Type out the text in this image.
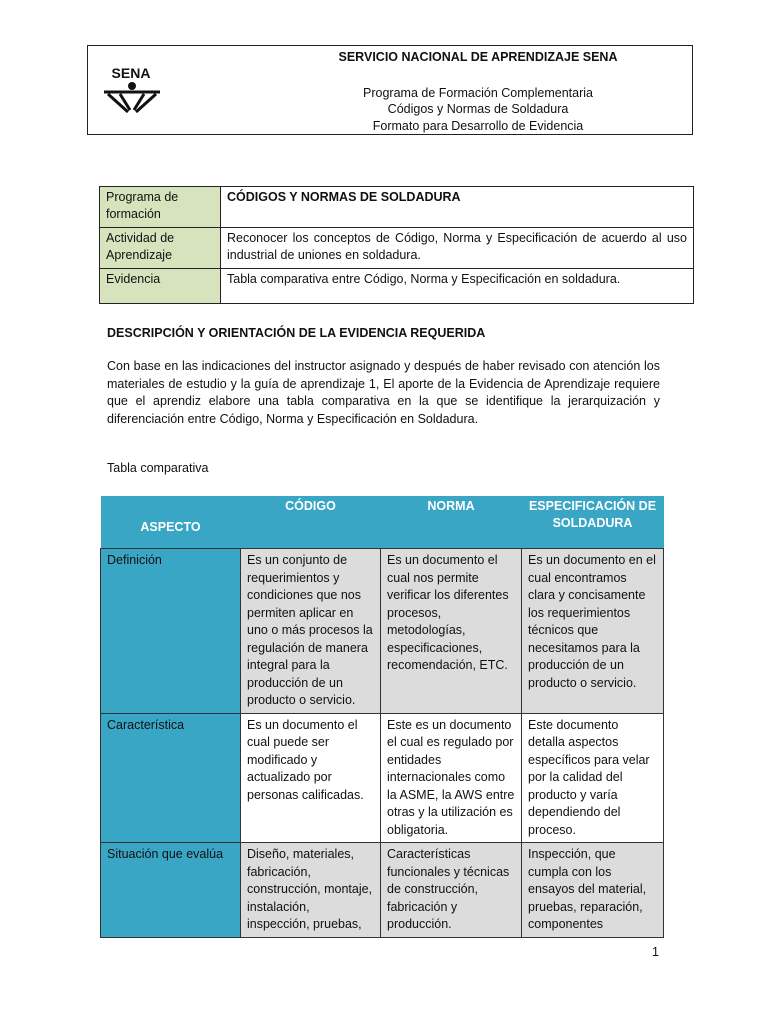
SERVICIO NACIONAL DE APRENDIZAJE SENA
Programa de Formación Complementaria
Códigos y Normas de Soldadura
Formato para Desarrollo de Evidencia
SENA
Programa de formación	CÓDIGOS Y NORMAS DE SOLDADURA
Actividad de Aprendizaje	Reconocer los conceptos de Código, Norma y Especificación de acuerdo al uso industrial de uniones en soldadura.
Evidencia	Tabla comparativa entre Código, Norma y Especificación en soldadura.
DESCRIPCIÓN Y ORIENTACIÓN DE LA EVIDENCIA REQUERIDA
Con base en las indicaciones del instructor asignado y después de haber revisado con atención los materiales de estudio y la guía de aprendizaje 1, El aporte de la Evidencia de Aprendizaje requiere que el aprendiz elabore una tabla comparativa en la que se identifique la jerarquización y diferenciación entre Código, Norma y Especificación en Soldadura.
Tabla comparativa
ASPECTO	CÓDIGO	NORMA	ESPECIFICACIÓN DE SOLDADURA
Definición	Es un conjunto de requerimientos y condiciones que nos permiten aplicar en uno o más procesos la regulación de manera integral para la producción de un producto o servicio.	Es un documento el cual nos permite verificar los diferentes procesos, metodologías, especificaciones, recomendación, ETC.	Es un documento en el cual encontramos clara y concisamente los requerimientos técnicos que necesitamos para la producción de un producto o servicio.
Característica	Es un documento el cual puede ser modificado y actualizado por personas calificadas.	Este es un documento el cual es regulado por entidades internacionales como la ASME, la AWS entre otras y la utilización es obligatoria.	Este documento detalla aspectos específicos para velar por la calidad del producto y varía dependiendo del proceso.
Situación que evalúa	Diseño, materiales, fabricación, construcción, montaje, instalación, inspección, pruebas,	Características funcionales y técnicas de construcción, fabricación y producción.	Inspección, que cumpla con los ensayos del material, pruebas, reparación, componentes
1
